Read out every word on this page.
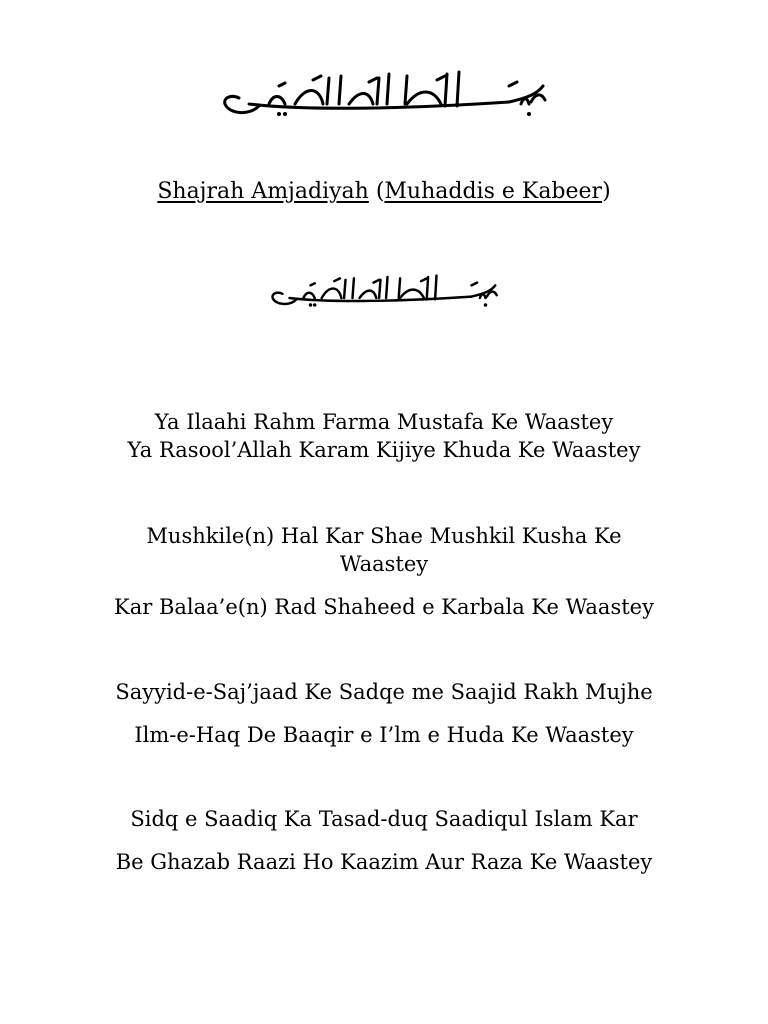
Shajrah Amjadiyah (Muhaddis e Kabeer)
Ya Ilaahi Rahm Farma Mustafa Ke Waastey
Ya Rasool’Allah Karam Kijiye Khuda Ke Waastey
Mushkile(n) Hal Kar Shae Mushkil Kusha Ke Waastey
Kar Balaa’e(n) Rad Shaheed e Karbala Ke Waastey
Sayyid-e-Saj’jaad Ke Sadqe me Saajid Rakh Mujhe
Ilm-e-Haq De Baaqir e I’lm e Huda Ke Waastey
Sidq e Saadiq Ka Tasad-duq Saadiqul Islam Kar
Be Ghazab Raazi Ho Kaazim Aur Raza Ke Waastey
